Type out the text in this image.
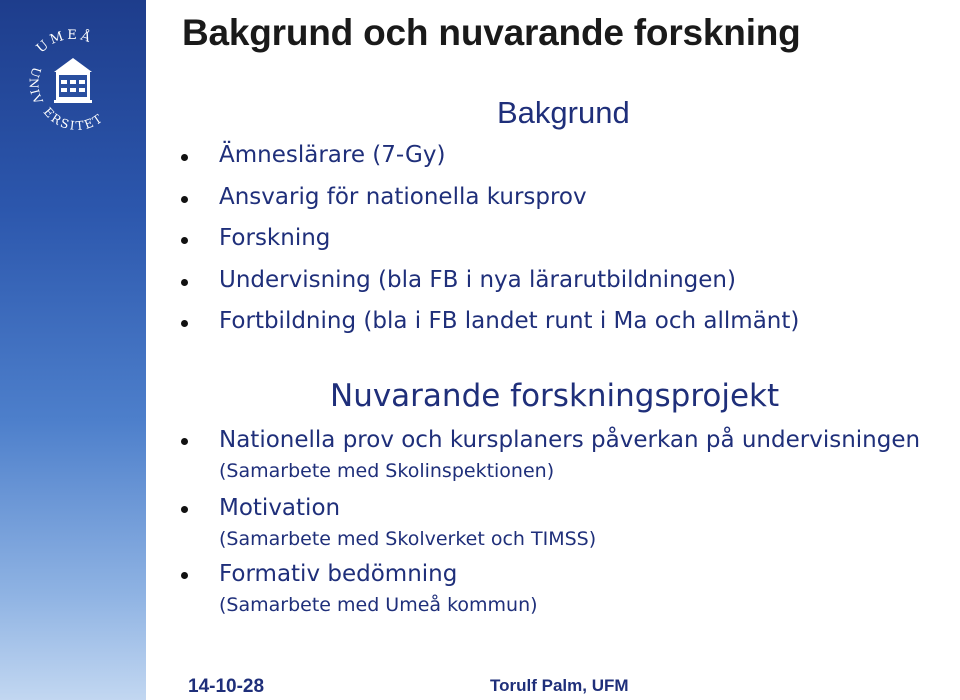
UMEÅ
UNIV
ERSITET
Bakgrund och nuvarande forskning
Bakgrund
Ämneslärare (7-Gy)
Ansvarig för nationella kursprov
Forskning
Undervisning (bla FB i nya lärarutbildningen)
Fortbildning (bla i FB landet runt i Ma och allmänt)
Nuvarande forskningsprojekt
Nationella prov och kursplaners påverkan på undervisningen
(Samarbete med Skolinspektionen)
Motivation
(Samarbete med Skolverket och TIMSS)
Formativ bedömning
(Samarbete med Umeå kommun)
14-10-28	Torulf Palm, UFM
